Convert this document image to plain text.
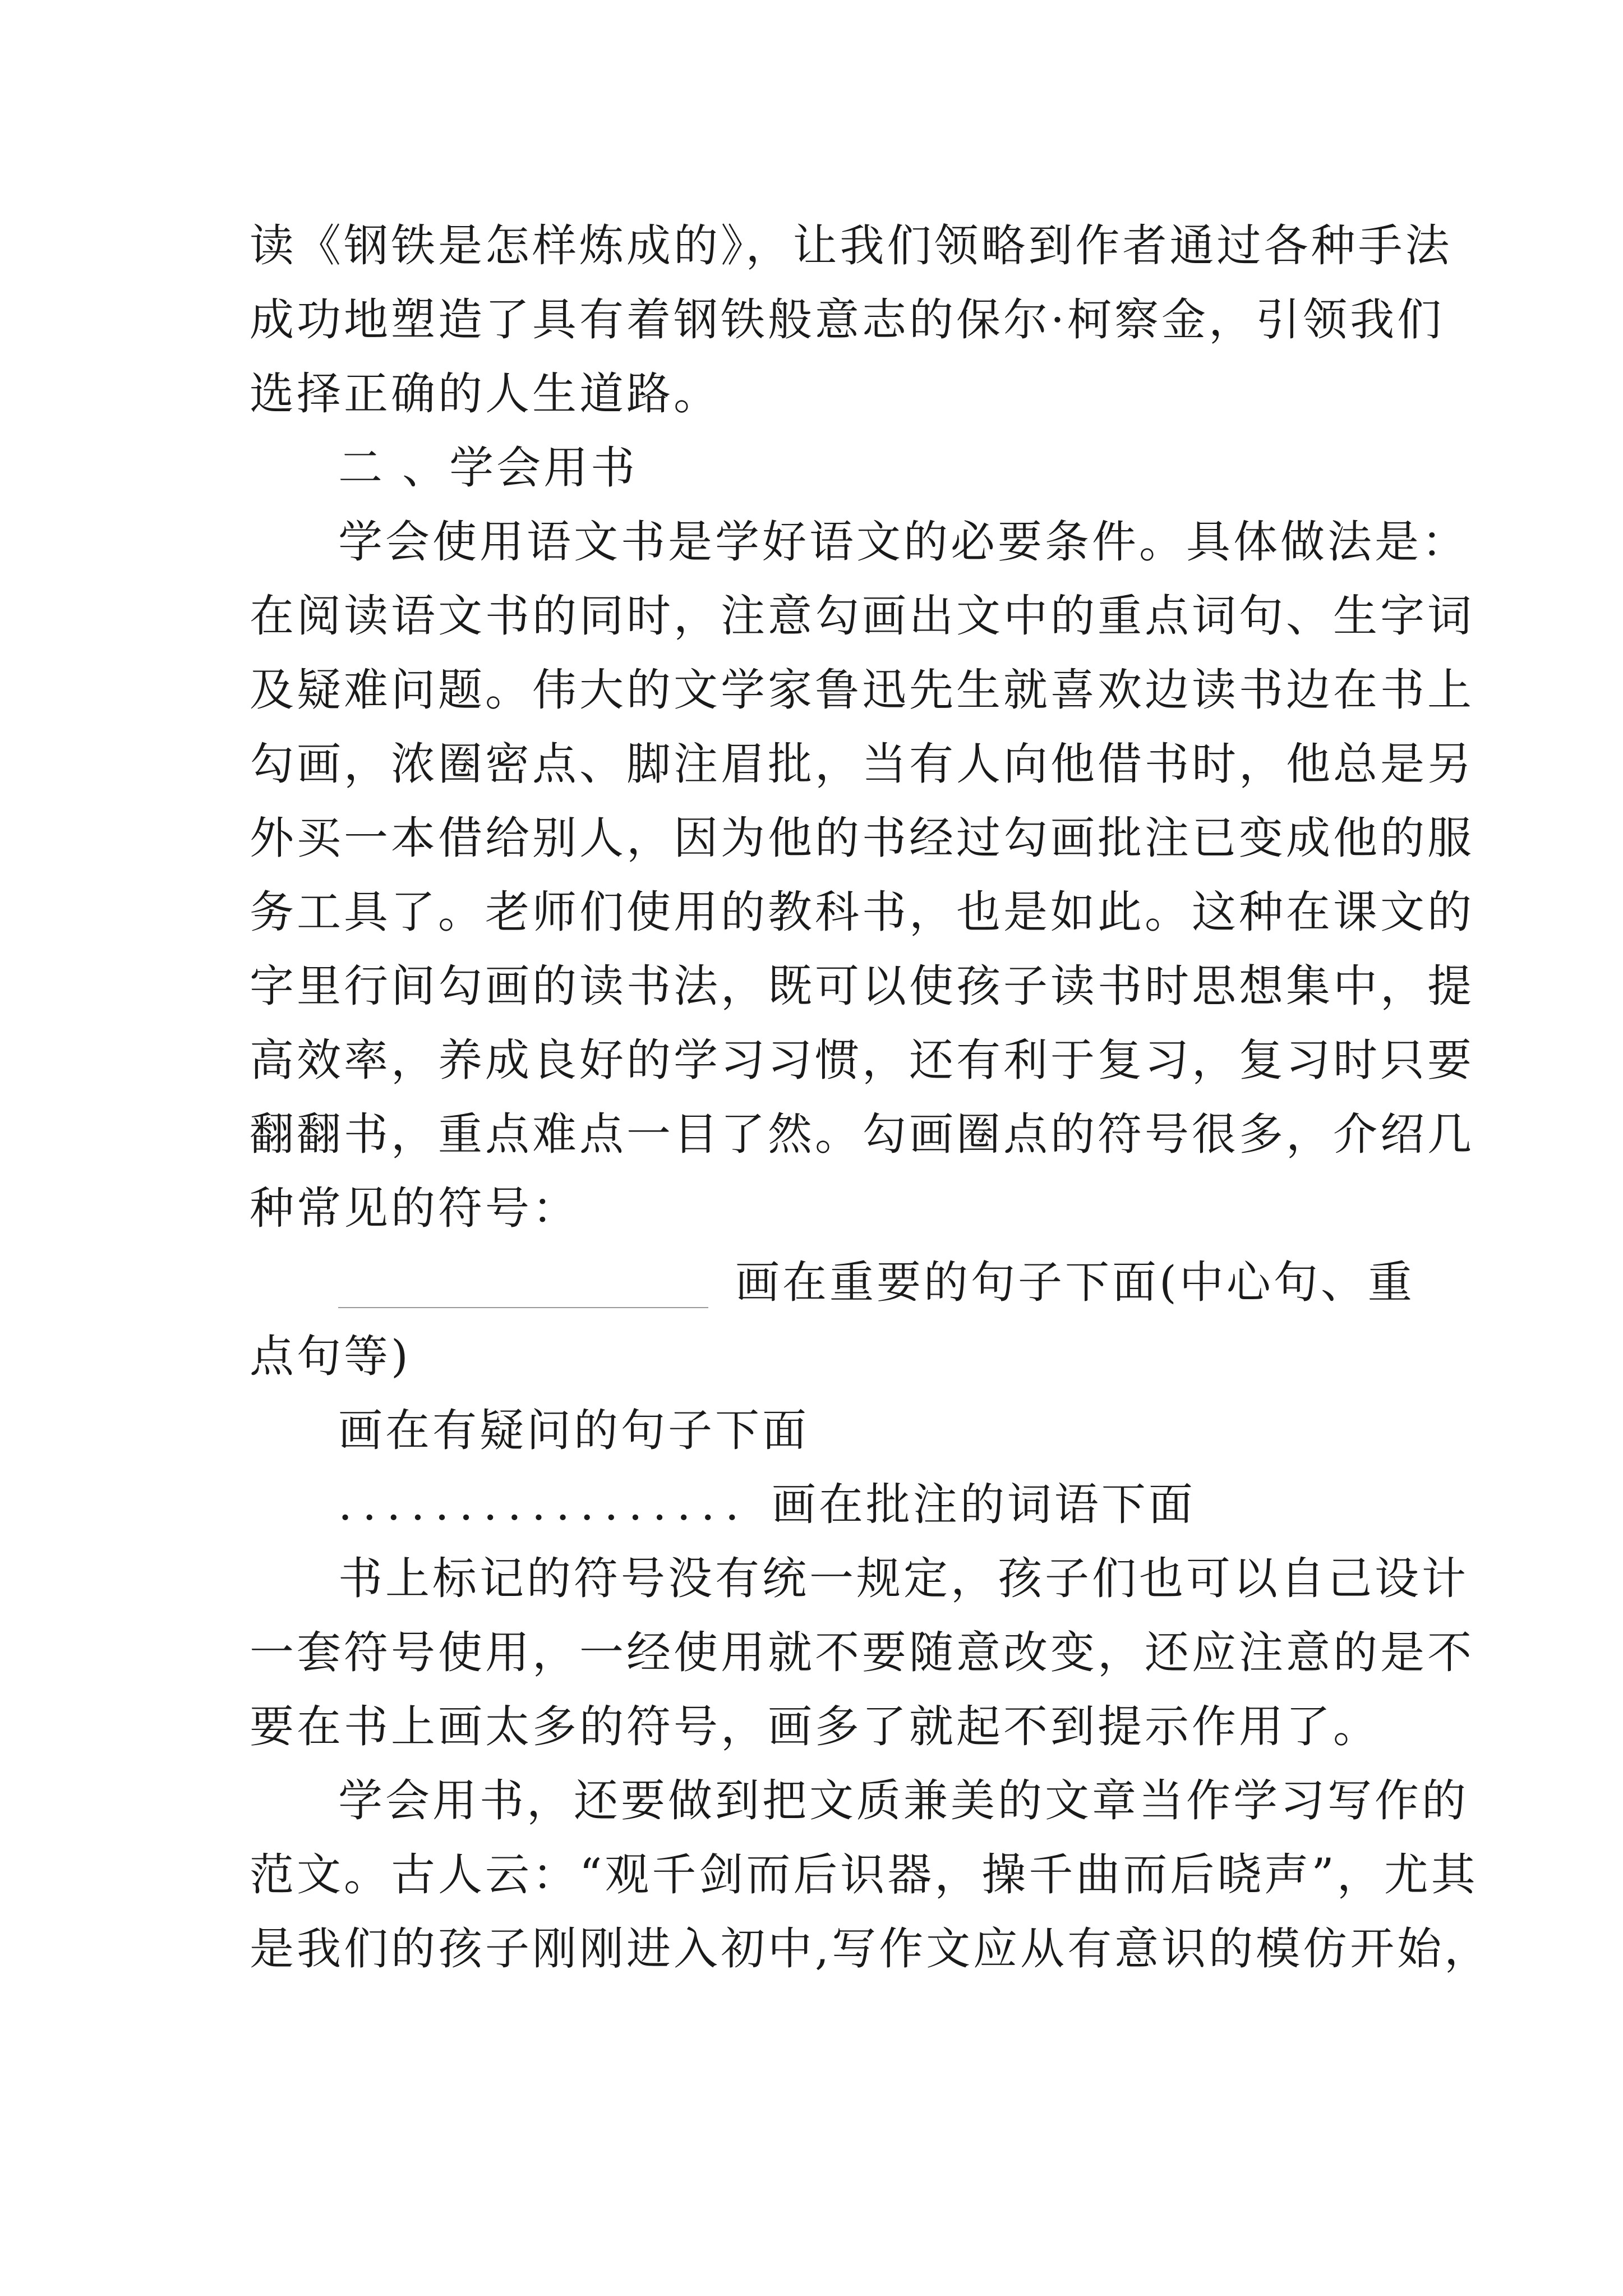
读《钢铁是怎样炼成的》，让我们领略到作者通过各种手法
成功地塑造了具有着钢铁般意志的保尔·柯察金，引领我们
选择正确的人生道路。
二 、学会用书
学会使用语文书是学好语文的必要条件。具体做法是：
在阅读语文书的同时，注意勾画出文中的重点词句、生字词
及疑难问题。伟大的文学家鲁迅先生就喜欢边读书边在书上
勾画，浓圈密点、脚注眉批，当有人向他借书时，他总是另
外买一本借给别人，因为他的书经过勾画批注已变成他的服
务工具了。老师们使用的教科书，也是如此。这种在课文的
字里行间勾画的读书法，既可以使孩子读书时思想集中，提
高效率，养成良好的学习习惯，还有利于复习，复习时只要
翻翻书，重点难点一目了然。勾画圈点的符号很多，介绍几
种常见的符号：
画在重要的句子下面(中心句、重
点句等)
画在有疑问的句子下面
................. 画在批注的词语下面
书上标记的符号没有统一规定，孩子们也可以自己设计
一套符号使用，一经使用就不要随意改变，还应注意的是不
要在书上画太多的符号，画多了就起不到提示作用了。
学会用书，还要做到把文质兼美的文章当作学习写作的
范文。古人云：“观千剑而后识器，操千曲而后晓声”，尤其
是我们的孩子刚刚进入初中,写作文应从有意识的模仿开始，
